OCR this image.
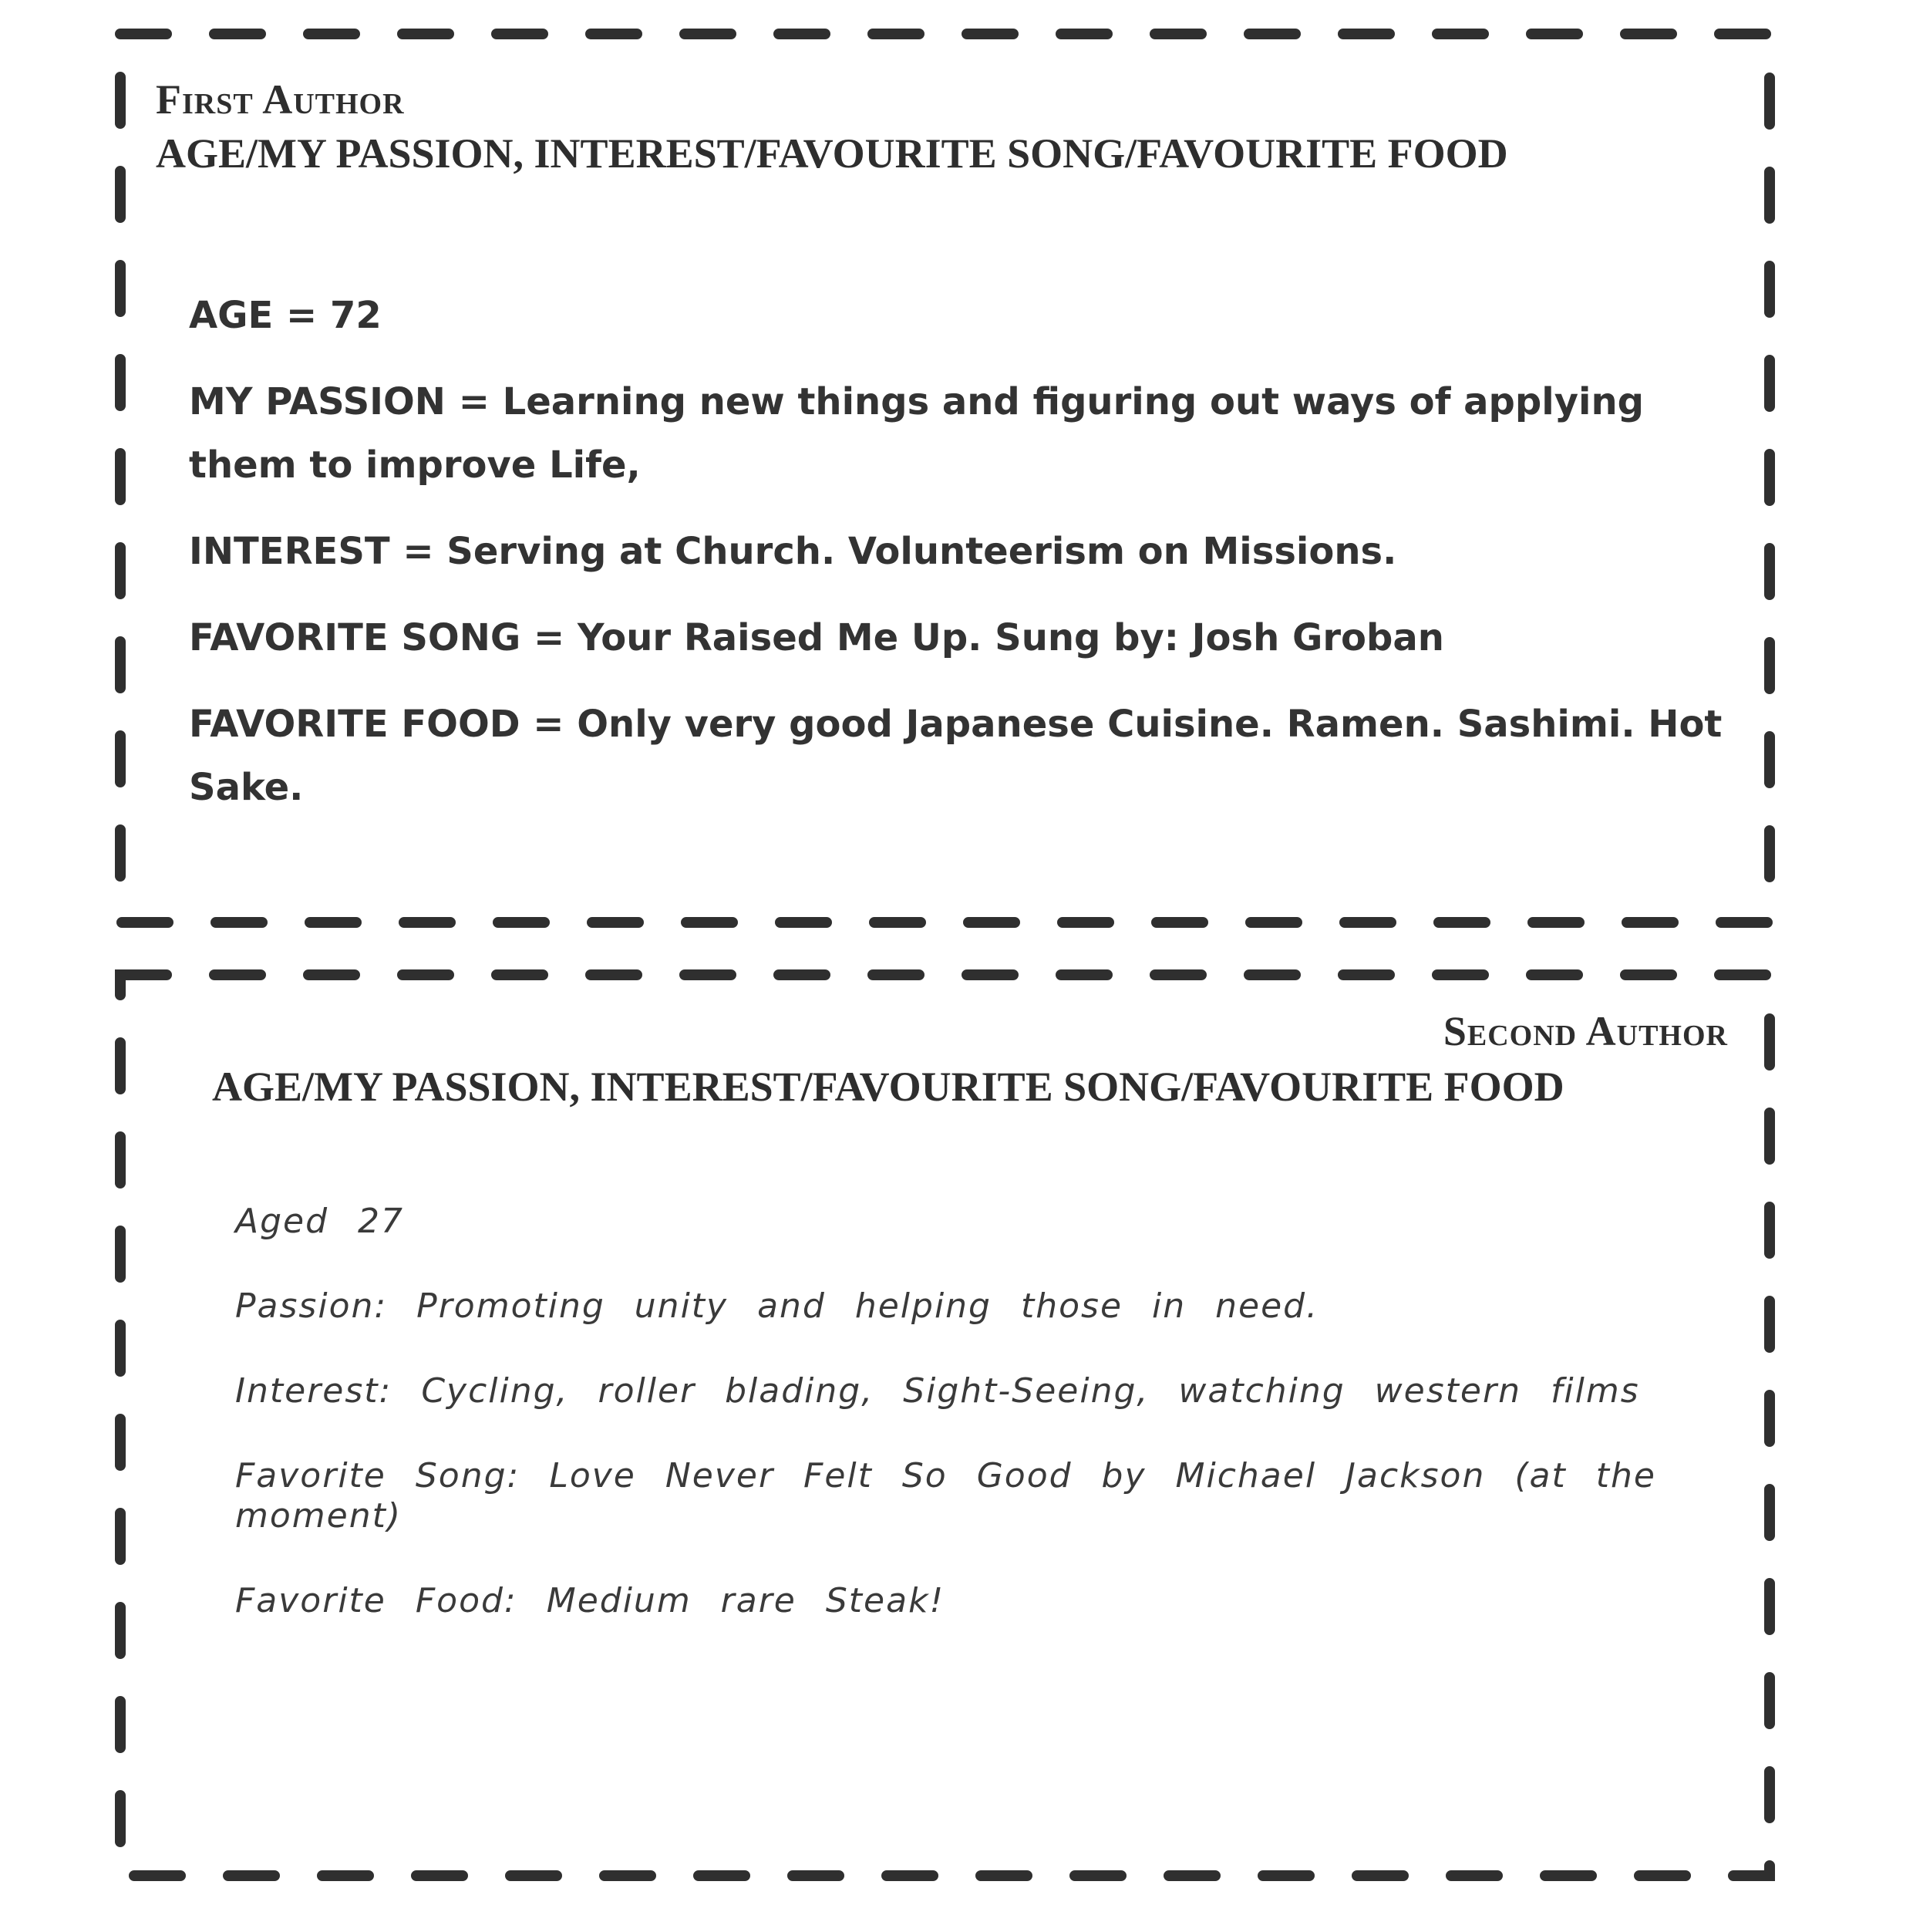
First Author
AGE/MY PASSION, INTEREST/FAVOURITE SONG/FAVOURITE FOOD

AGE = 72

MY PASSION = Learning new things and figuring out ways of applying them to improve Life,

INTEREST = Serving at Church. Volunteerism on Missions.

FAVORITE SONG = Your Raised Me Up. Sung by: Josh Groban

FAVORITE FOOD = Only very good Japanese Cuisine. Ramen. Sashimi. Hot Sake.

Second Author
AGE/MY PASSION, INTEREST/FAVOURITE SONG/FAVOURITE FOOD

Aged 27

Passion: Promoting unity and helping those in need.

Interest: Cycling, roller blading, Sight-Seeing, watching western films

Favorite Song: Love Never Felt So Good by Michael Jackson (at the moment)

Favorite Food: Medium rare Steak!
